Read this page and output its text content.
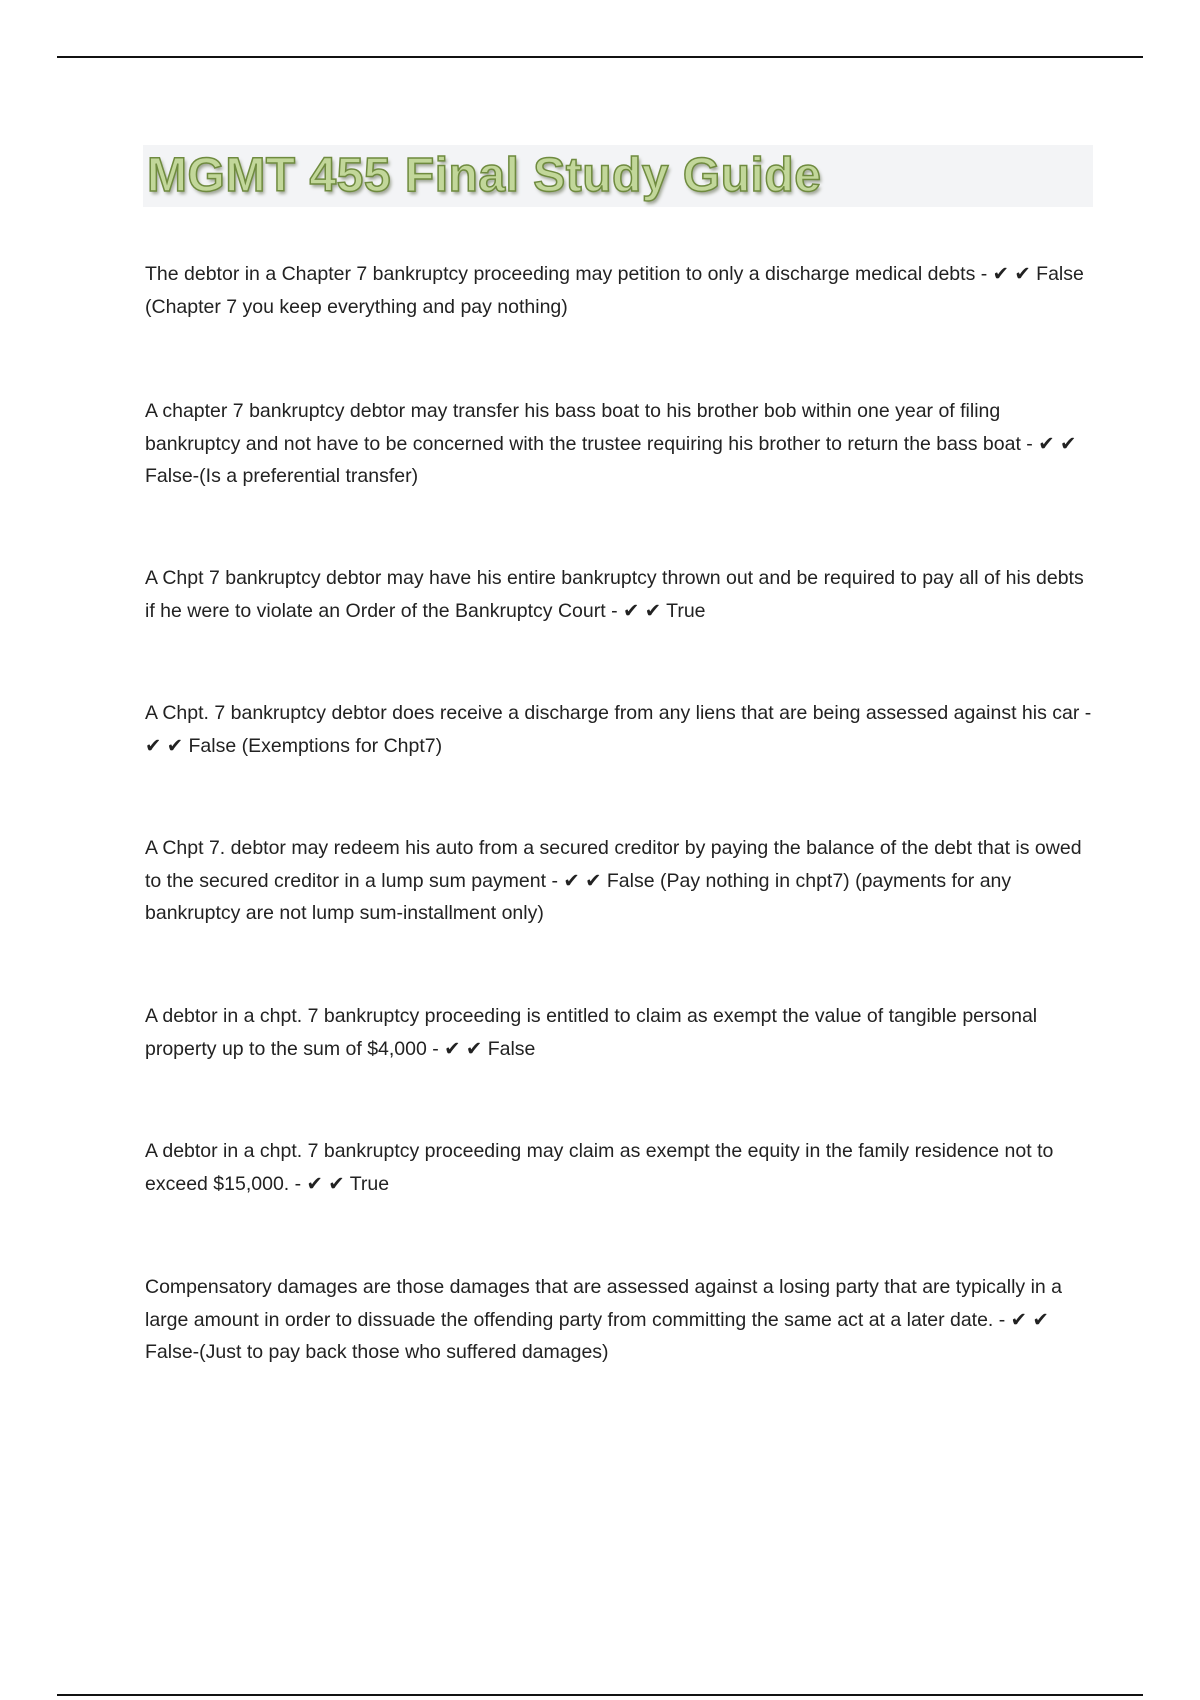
MGMT 455 Final Study Guide

The debtor in a Chapter 7 bankruptcy proceeding may petition to only a discharge medical debts - ✔ ✔ False (Chapter 7 you keep everything and pay nothing)

A chapter 7 bankruptcy debtor may transfer his bass boat to his brother bob within one year of filing bankruptcy and not have to be concerned with the trustee requiring his brother to return the bass boat - ✔ ✔ False-(Is a preferential transfer)

A Chpt 7 bankruptcy debtor may have his entire bankruptcy thrown out and be required to pay all of his debts if he were to violate an Order of the Bankruptcy Court - ✔ ✔ True

A Chpt. 7 bankruptcy debtor does receive a discharge from any liens that are being assessed against his car - ✔ ✔ False (Exemptions for Chpt7)

A Chpt 7. debtor may redeem his auto from a secured creditor by paying the balance of the debt that is owed to the secured creditor in a lump sum payment - ✔ ✔ False (Pay nothing in chpt7) (payments for any bankruptcy are not lump sum-installment only)

A debtor in a chpt. 7 bankruptcy proceeding is entitled to claim as exempt the value of tangible personal property up to the sum of $4,000 - ✔ ✔ False

A debtor in a chpt. 7 bankruptcy proceeding may claim as exempt the equity in the family residence not to exceed $15,000. - ✔ ✔ True

Compensatory damages are those damages that are assessed against a losing party that are typically in a large amount in order to dissuade the offending party from committing the same act at a later date. - ✔ ✔ False-(Just to pay back those who suffered damages)
